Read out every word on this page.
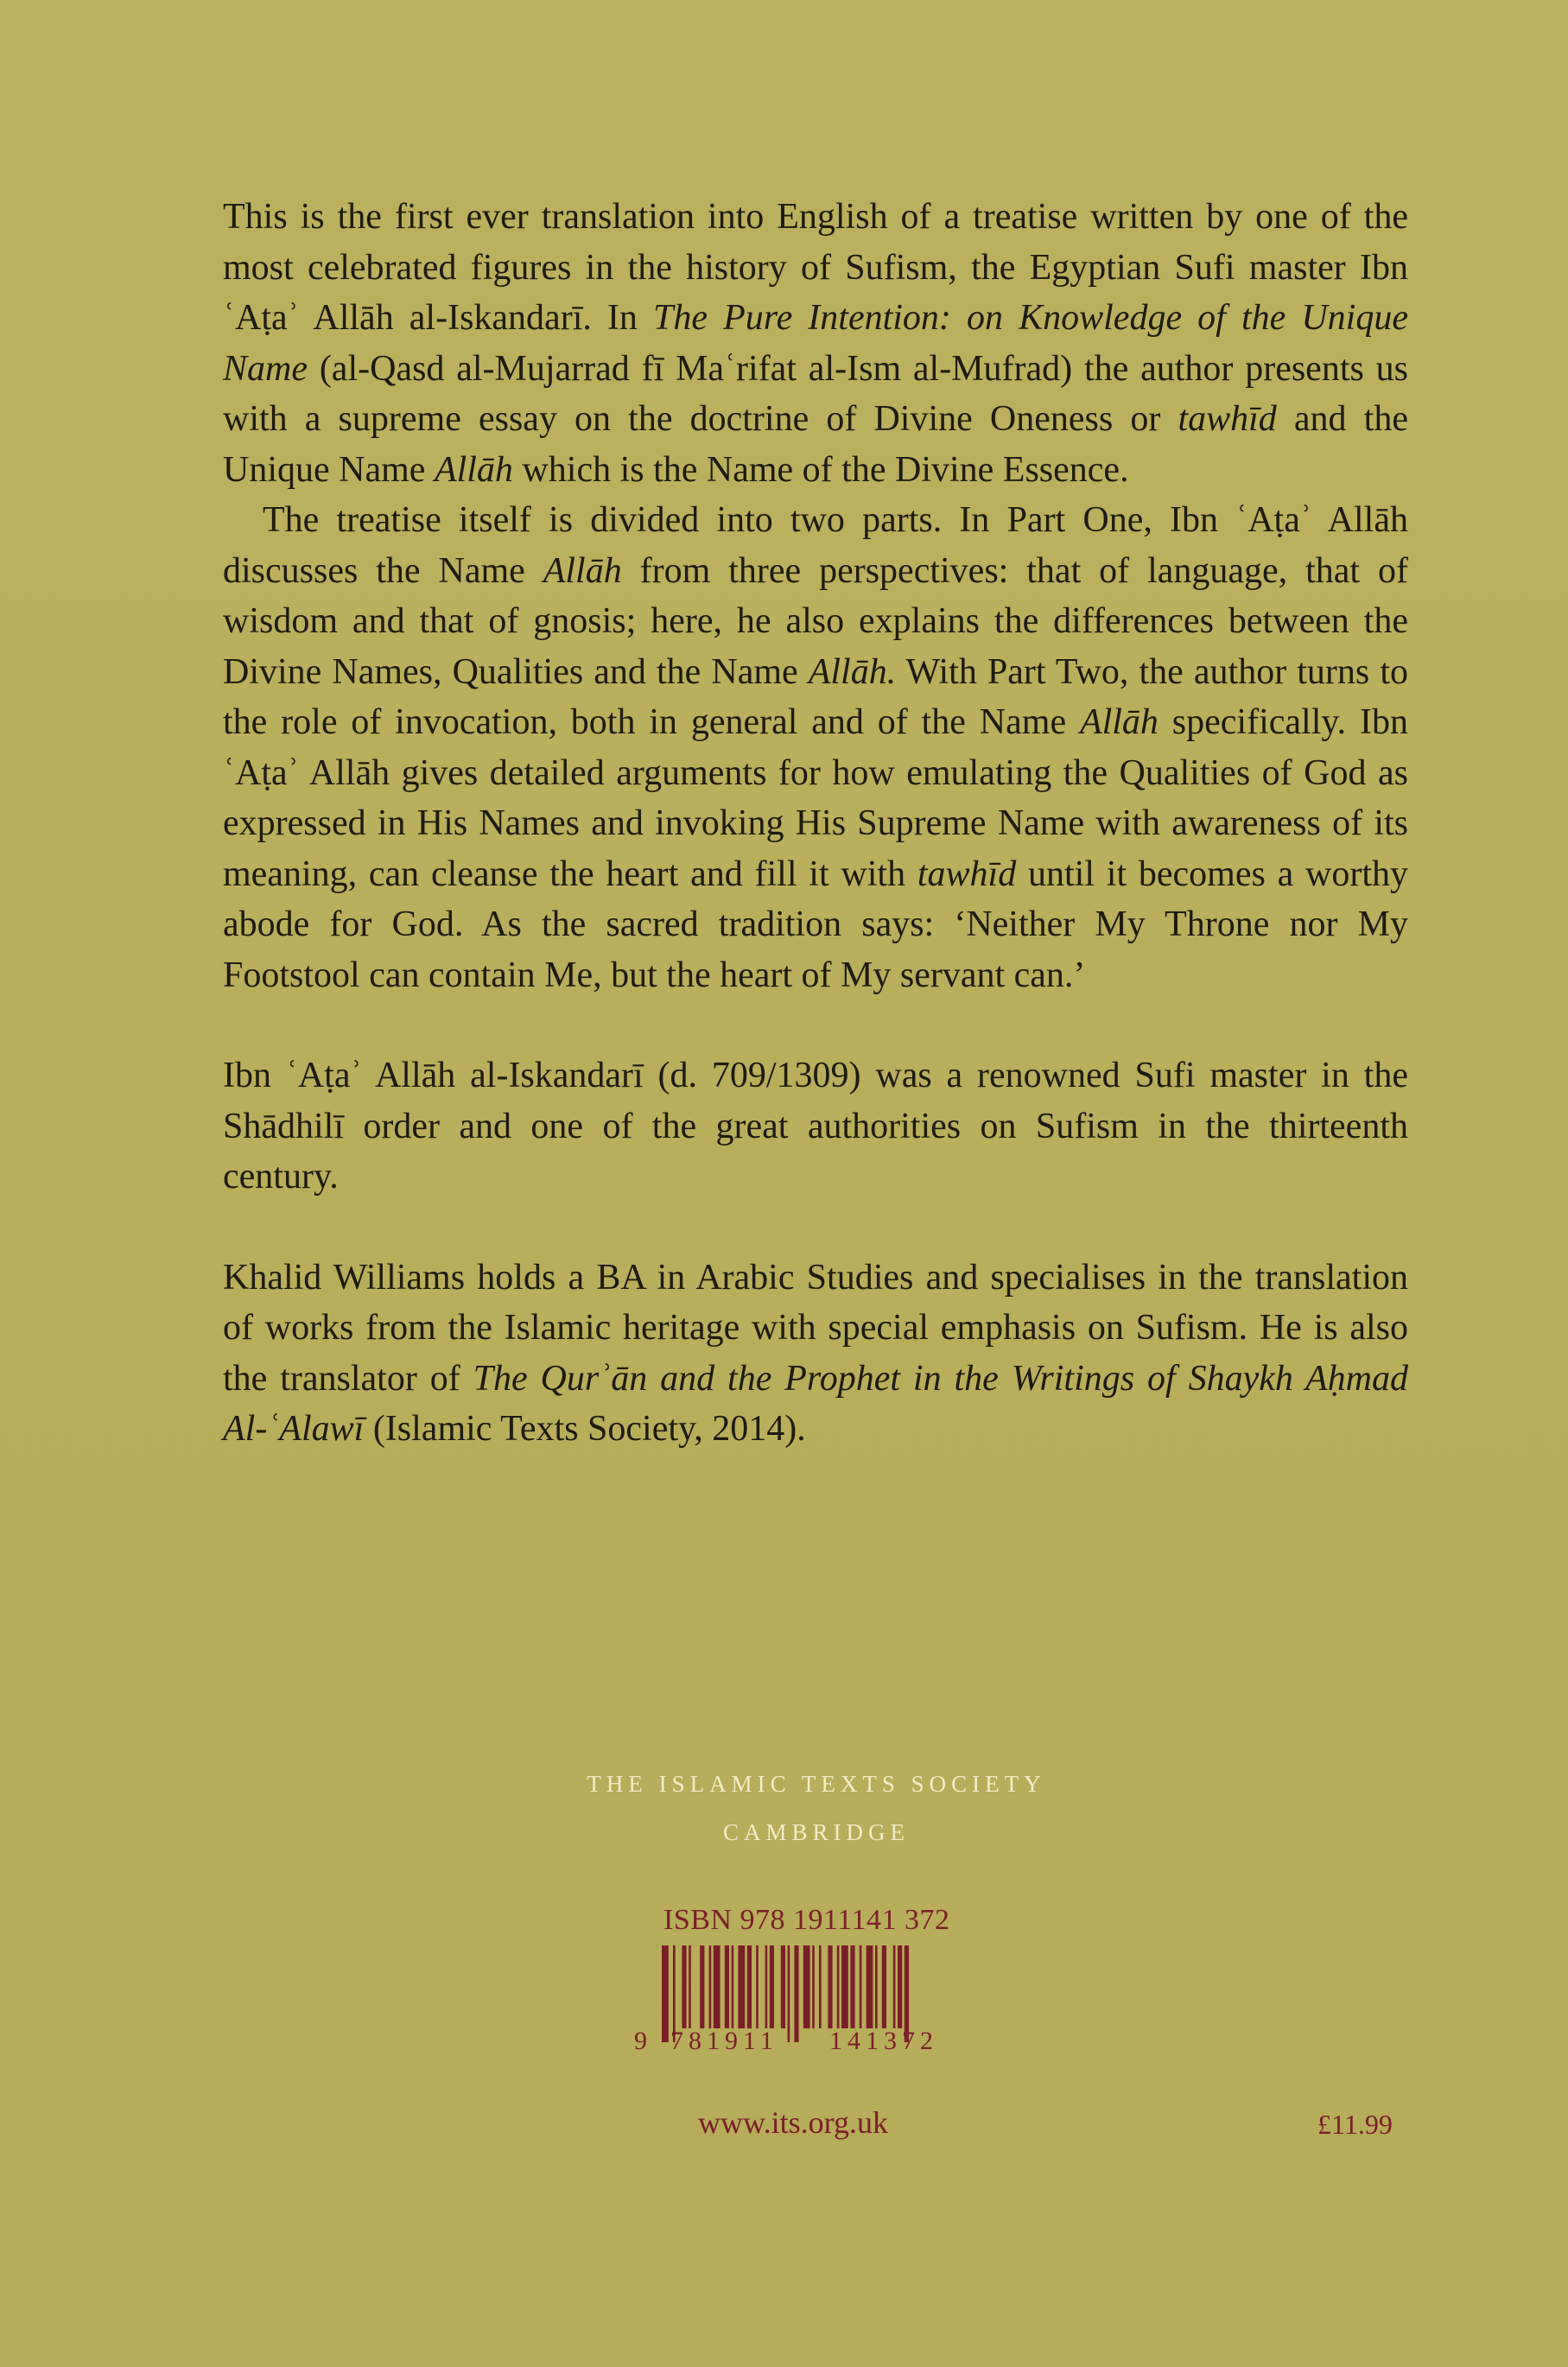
This is the first ever translation into English of a treatise written by one of the most celebrated figures in the history of Sufism, the Egyptian Sufi master Ibn ʿAṭaʾ Allāh al-Iskandarī. In The Pure Intention: on Knowledge of the Unique Name (al-Qasd al-Mujarrad fī Maʿrifat al-Ism al-Mufrad) the author presents us with a supreme essay on the doctrine of Divine Oneness or tawhīd and the Unique Name Allāh which is the Name of the Divine Essence.

The treatise itself is divided into two parts. In Part One, Ibn ʿAṭaʾ Allāh discusses the Name Allāh from three perspectives: that of language, that of wisdom and that of gnosis; here, he also explains the differences between the Divine Names, Qualities and the Name Allāh. With Part Two, the author turns to the role of invocation, both in general and of the Name Allāh specifically. Ibn ʿAṭaʾ Allāh gives detailed arguments for how emulating the Qualities of God as expressed in His Names and invoking His Supreme Name with awareness of its meaning, can cleanse the heart and fill it with tawhīd until it becomes a worthy abode for God. As the sacred tradition says: ‘Neither My Throne nor My Footstool can contain Me, but the heart of My servant can.’

Ibn ʿAṭaʾ Allāh al-Iskandarī (d. 709/1309) was a renowned Sufi master in the Shādhilī order and one of the great authorities on Sufism in the thirteenth century.

Khalid Williams holds a BA in Arabic Studies and specialises in the translation of works from the Islamic heritage with special emphasis on Sufism. He is also the translator of The Qurʾān and the Prophet in the Writings of Shaykh Aḥmad Al-ʿAlawī (Islamic Texts Society, 2014).

THE ISLAMIC TEXTS SOCIETY
CAMBRIDGE
ISBN 978 1911141 372
9 781911 141372
www.its.org.uk	£11.99
